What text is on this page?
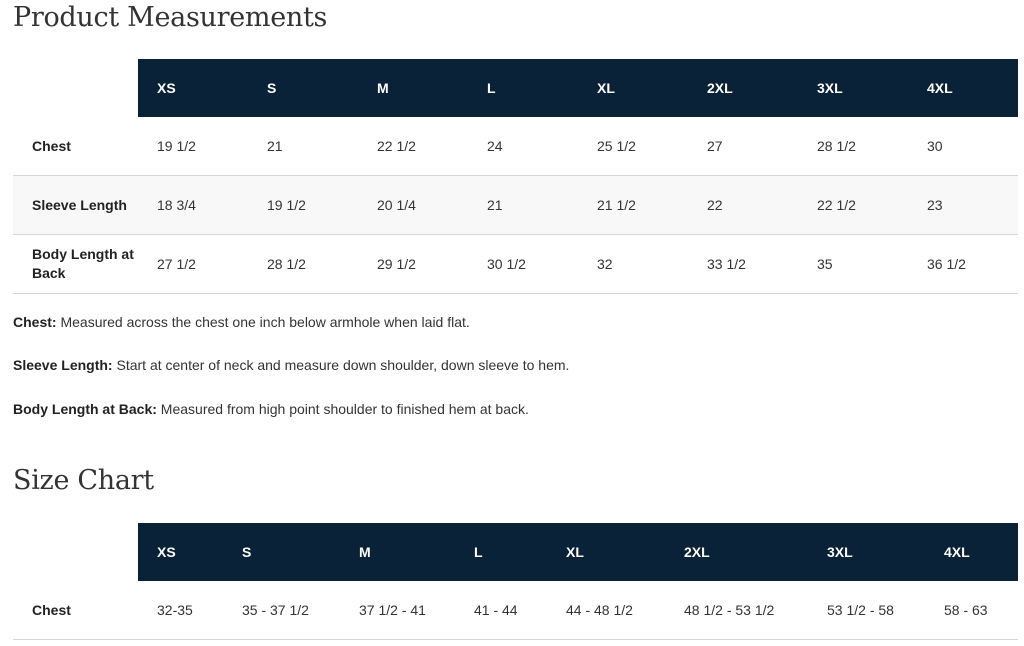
Product Measurements
	XS	S	M	L	XL	2XL	3XL	4XL
Chest	19 1/2	21	22 1/2	24	25 1/2	27	28 1/2	30
Sleeve Length	18 3/4	19 1/2	20 1/4	21	21 1/2	22	22 1/2	23
Body Length at Back	27 1/2	28 1/2	29 1/2	30 1/2	32	33 1/2	35	36 1/2

Chest: Measured across the chest one inch below armhole when laid flat.

Sleeve Length: Start at center of neck and measure down shoulder, down sleeve to hem.

Body Length at Back: Measured from high point shoulder to finished hem at back.

Size Chart
	XS	S	M	L	XL	2XL	3XL	4XL
Chest	32-35	35 - 37 1/2	37 1/2 - 41	41 - 44	44 - 48 1/2	48 1/2 - 53 1/2	53 1/2 - 58	58 - 63
